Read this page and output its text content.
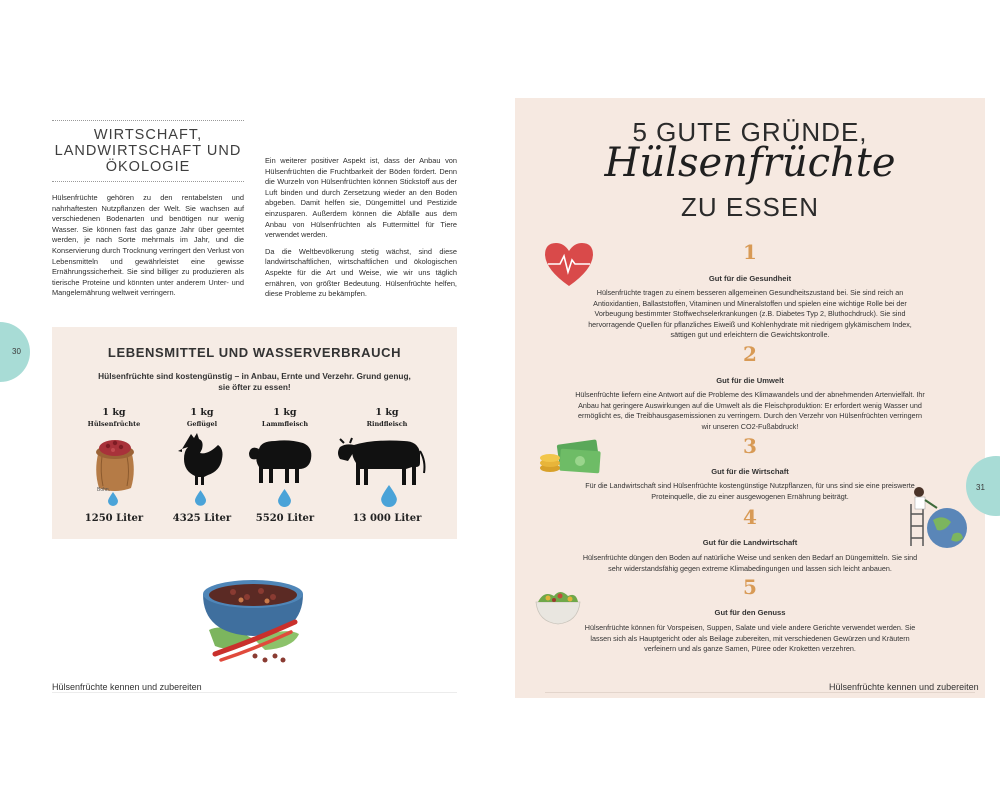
WIRTSCHAFT,
LANDWIRTSCHAFT UND
ÖKOLOGIE

Hülsenfrüchte gehören zu den rentabelsten und nahrhaftesten Nutzpflanzen der Welt. Sie wachsen auf verschiedenen Bodenarten und benötigen nur wenig Wasser. Sie können fast das ganze Jahr über geerntet werden, je nach Sorte mehrmals im Jahr, und die Konservierung durch Trocknung verringert den Verlust von Lebensmitteln und gewährleistet eine gewisse Ernährungssicherheit. Sie sind billiger zu produzieren als tierische Proteine und könnten unter anderem Unter- und Mangelernährung weltweit verringern.

Ein weiterer positiver Aspekt ist, dass der Anbau von Hülsenfrüchten die Fruchtbarkeit der Böden fördert. Denn die Wurzeln von Hülsenfrüchten können Stickstoff aus der Luft binden und durch Zersetzung wieder an den Boden abgeben. Damit helfen sie, Düngemittel und Pestizide einzusparen. Außerdem können die Abfälle aus dem Anbau von Hülsenfrüchten als Futtermittel für Tiere verwendet werden.

Da die Weltbevölkerung stetig wächst, sind diese landwirtschaftlichen, wirtschaftlichen und ökologischen Aspekte für die Art und Weise, wie wir uns täglich ernähren, von größter Bedeutung. Hülsenfrüchte helfen, diese Probleme zu bekämpfen.

30	LEBENSMITTEL UND WASSERVERBRAUCH
Hülsenfrüchte sind kostengünstig – in Anbau, Ernte und Verzehr. Grund genug, sie öfter zu essen!
1 kg
Hülsenfrüchte
1 kg
Geflügel
1 kg
Lammfleisch
1 kg
Rindfleisch
Bohn.
1250 Liter	4325 Liter	5520 Liter	13 000 Liter
Hülsenfrüchte kennen und zubereiten
31
5 GUTE GRÜNDE,
Hülsenfrüchte
ZU ESSEN
1
Gut für die Gesundheit
Hülsenfrüchte tragen zu einem besseren allgemeinen Gesundheitszustand bei. Sie sind reich an Antioxidantien, Ballaststoffen, Vitaminen und Mineralstoffen und spielen eine wichtige Rolle bei der Vorbeugung bestimmter Stoffwechselerkrankungen (z.B. Diabetes Typ 2, Bluthochdruck). Sie sind hervorragende Quellen für pflanzliches Eiweiß und Kohlenhydrate mit niedrigem glykämischem Index, sättigen gut und erleichtern die Gewichtskontrolle.
2
Gut für die Umwelt
Hülsenfrüchte liefern eine Antwort auf die Probleme des Klimawandels und der abnehmenden Artenvielfalt. Ihr Anbau hat geringere Auswirkungen auf die Umwelt als die Fleischproduktion: Er erfordert wenig Wasser und ermöglicht es, die Treibhausgasemissionen zu verringern. Durch den Verzehr von Hülsenfrüchten verringern wir unseren CO2-Fußabdruck!
3
Gut für die Wirtschaft
Für die Landwirtschaft sind Hülsenfrüchte kostengünstige Nutzpflanzen, für uns sind sie eine preiswerte Proteinquelle, die zu einer ausgewogenen Ernährung beiträgt.
4
Gut für die Landwirtschaft
Hülsenfrüchte düngen den Boden auf natürliche Weise und senken den Bedarf an Düngemitteln. Sie sind sehr widerstandsfähig gegen extreme Klimabedingungen und lassen sich leicht anbauen.
5
Gut für den Genuss
Hülsenfrüchte können für Vorspeisen, Suppen, Salate und viele andere Gerichte verwendet werden. Sie lassen sich als Hauptgericht oder als Beilage zubereiten, mit verschiedenen Gewürzen und Kräutern verfeinern und als ganze Samen, Püree oder Kroketten verzehren.
Hülsenfrüchte kennen und zubereiten
